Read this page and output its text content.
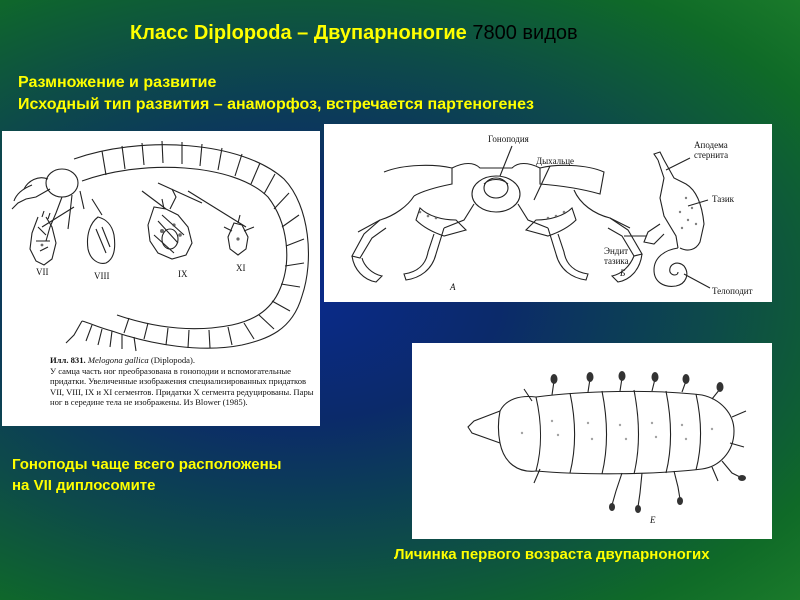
Класс Diplopoda – Двупарноногие 7800 видов
Размножение и развитие
Исходный тип развития – анаморфоз, встречается партеногенез
VII	VIII	IX
XI
Илл. 831. Melogona gallica (Diplopoda).
У самца часть ног преобразована в гоноподии и вспомогательные придатки. Увеличенные изображения специализированных придатков VII, VIII, IX и XI сегментов. Придатки X сегмента редуцированы. Пары ног в середине тела не изображены. Из Blower (1985).
Гоноподия
Дыхальце
Аподема
стернита
Тазик
Эндит
тазика
Телоподит
А
Б
Е
Гоноподы чаще всего расположены
на VII диплосомите
Личинка первого возраста двупарноногих
